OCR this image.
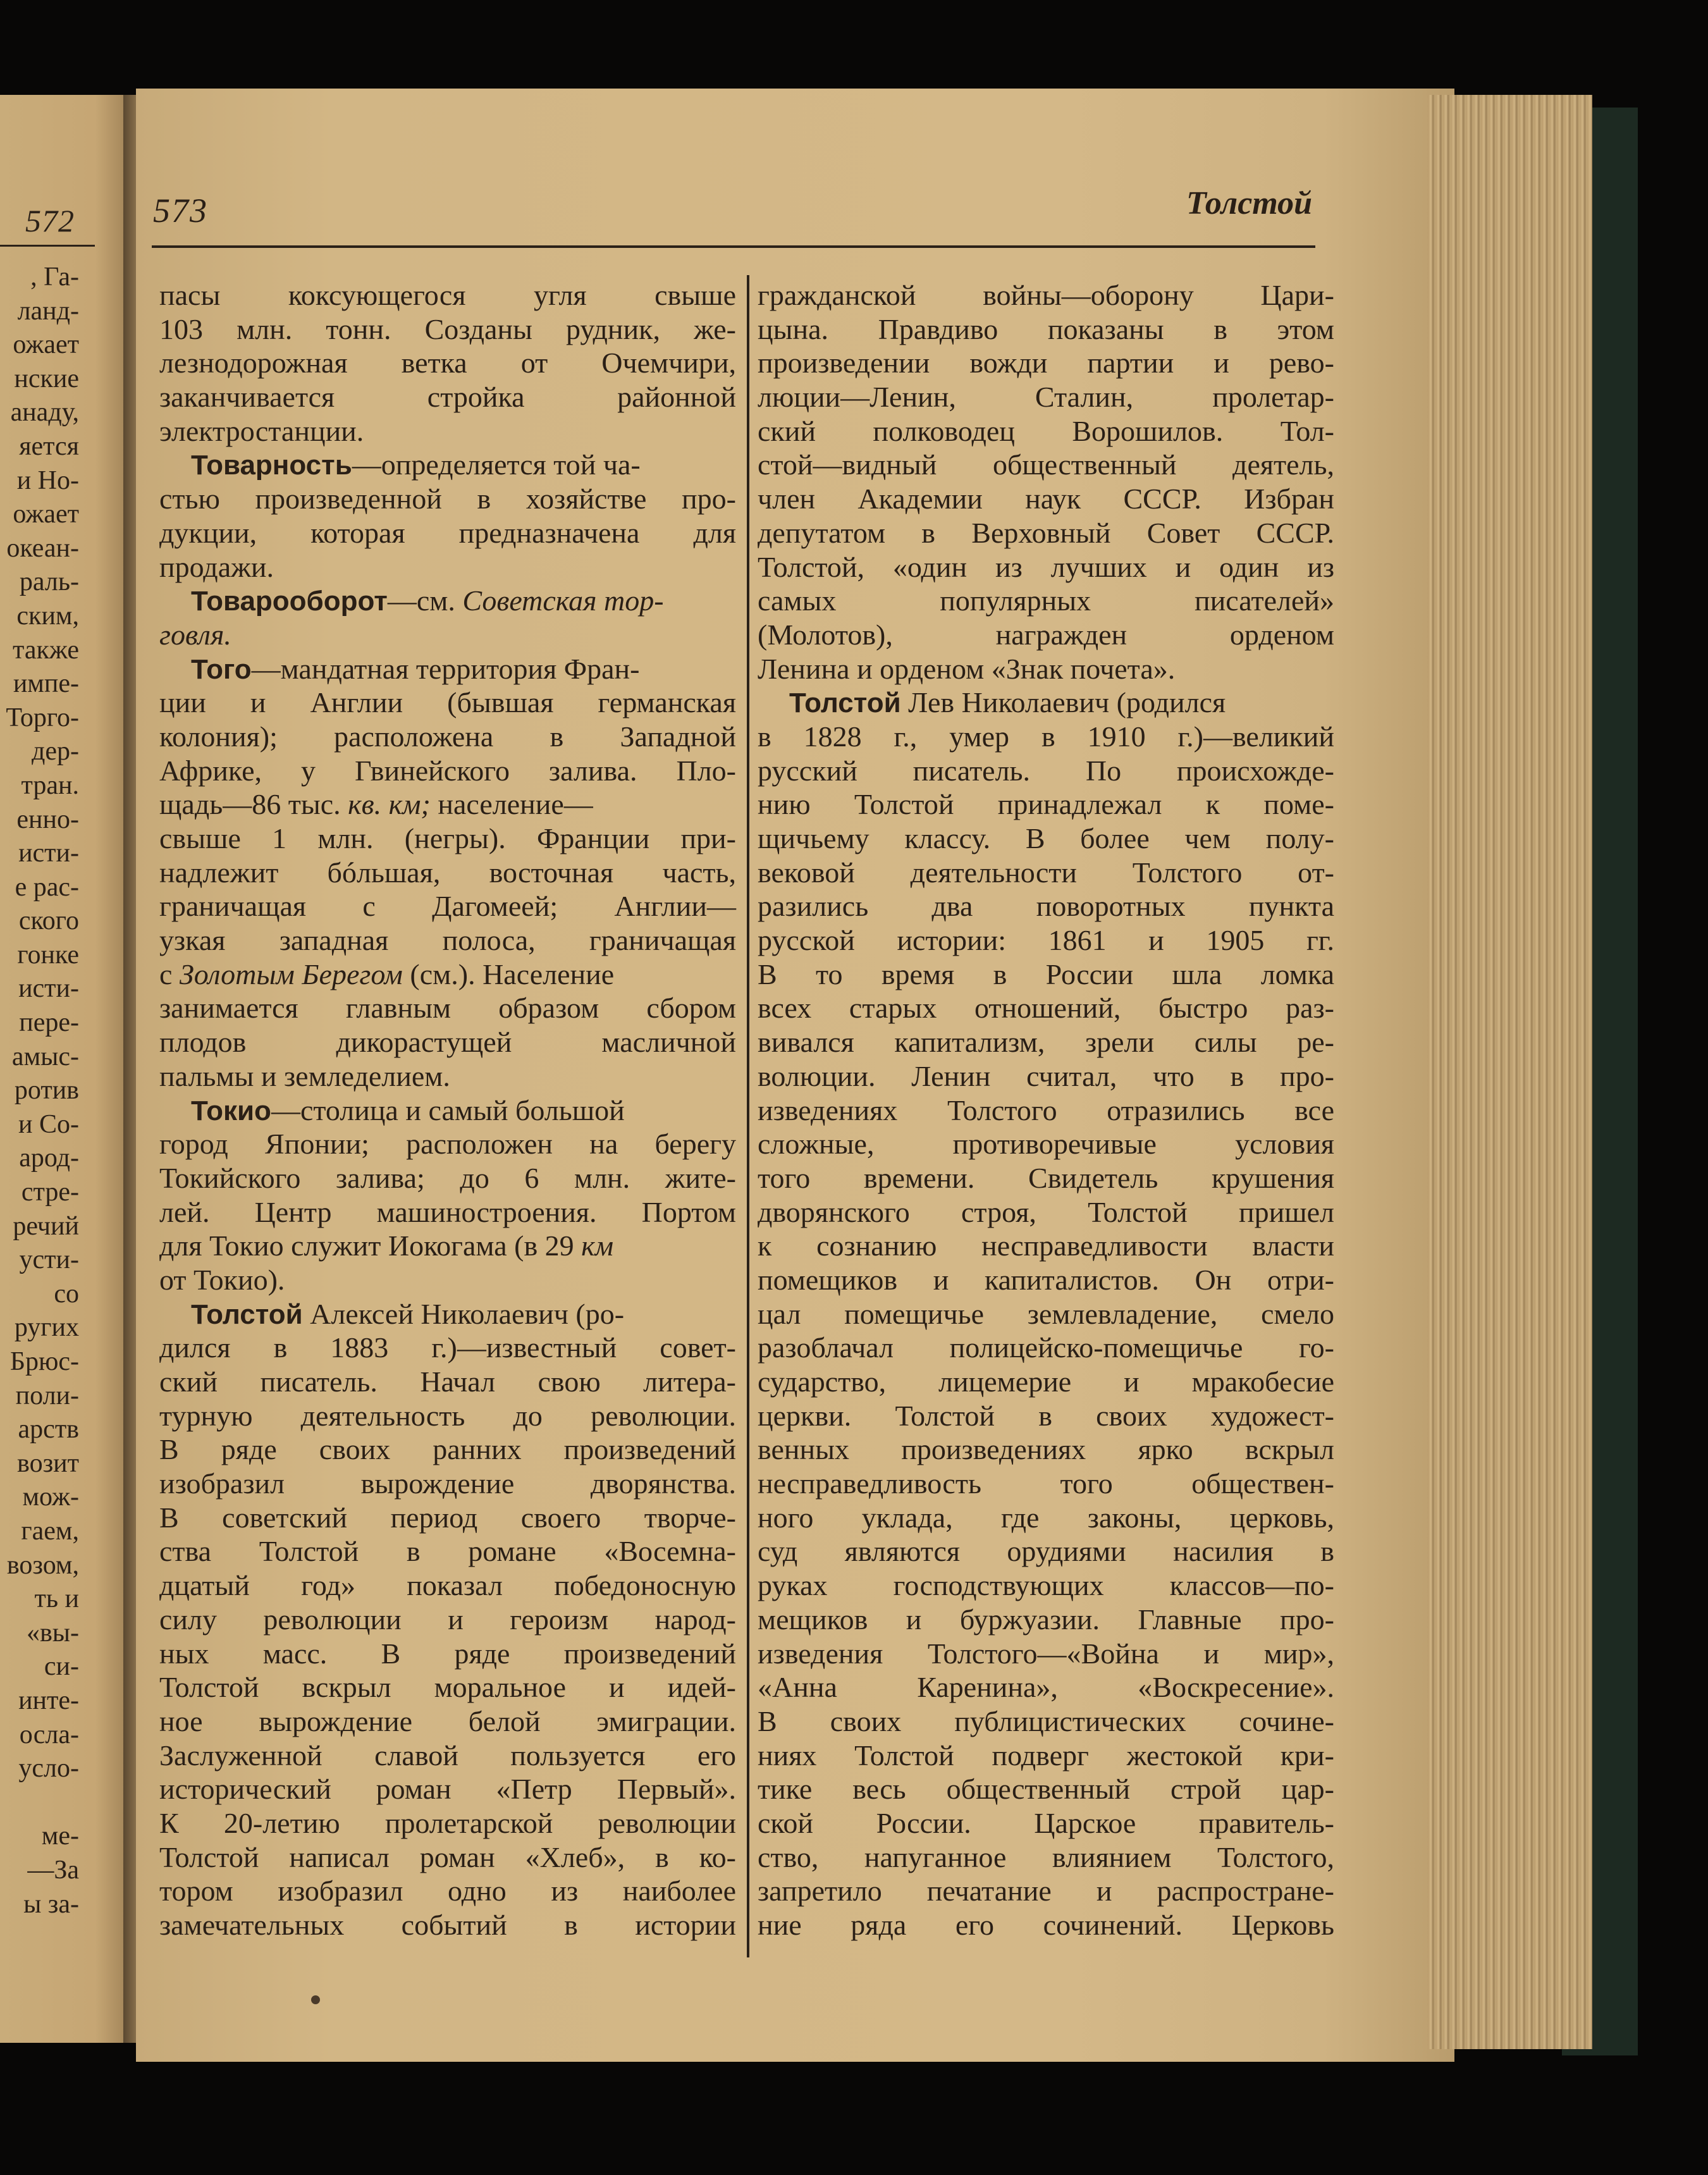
572
, Га-
ланд-
ожает
нские
анаду,
яется
и Но-
ожает
океан-
раль-
ским,
также
импе-
Торго-
дер-
тран.
енно-
исти-
е рас-
ского
гонке
исти-
пере-
амыс-
ротив
и Со-
арод-
стре-
речий
усти-
со
ругих
Брюс-
поли-
арств
возит
мож-
гаем,
возом,
ть и
«вы-
си-
инте-
осла-
усло-
ме-
—За
ы за-
573	Толстой
пасы коксующегося угля свыше
103 млн. тонн. Созданы рудник, же-
лезнодорожная ветка от Очемчири,
заканчивается стройка районной
электростанции.
Товарность—определяется той ча-
стью произведенной в хозяйстве про-
дукции, которая предназначена для
продажи.
Товарооборот—см. Советская тор-
говля.
Того—мандатная территория Фран-
ции и Англии (бывшая германская
колония); расположена в Западной
Африке, у Гвинейского залива. Пло-
щадь—86 тыс. кв. км; население—
свыше 1 млн. (негры). Франции при-
надлежит бóльшая, восточная часть,
граничащая с Дагомеей; Англии—
узкая западная полоса, граничащая
с Золотым Берегом (см.). Население
занимается главным образом сбором
плодов дикорастущей масличной
пальмы и земледелием.
Токио—столица и самый большой
город Японии; расположен на берегу
Токийского залива; до 6 млн. жите-
лей. Центр машиностроения. Портом
для Токио служит Иокогама (в 29 км
от Токио).
Толстой Алексей Николаевич (ро-
дился в 1883 г.)—известный совет-
ский писатель. Начал свою литера-
турную деятельность до революции.
В ряде своих ранних произведений
изобразил вырождение дворянства.
В советский период своего творче-
ства Толстой в романе «Восемна-
дцатый год» показал победоносную
силу революции и героизм народ-
ных масс. В ряде произведений
Толстой вскрыл моральное и идей-
ное вырождение белой эмиграции.
Заслуженной славой пользуется его
исторический роман «Петр Первый».
К 20-летию пролетарской революции
Толстой написал роман «Хлеб», в ко-
тором изобразил одно из наиболее
замечательных событий в истории
гражданской войны—оборону Цари-
цына. Правдиво показаны в этом
произведении вожди партии и рево-
люции—Ленин, Сталин, пролетар-
ский полководец Ворошилов. Тол-
стой—видный общественный деятель,
член Академии наук СССР. Избран
депутатом в Верховный Совет СССР.
Толстой, «один из лучших и один из
самых популярных писателей»
(Молотов), награжден орденом
Ленина и орденом «Знак почета».
Толстой Лев Николаевич (родился
в 1828 г., умер в 1910 г.)—великий
русский писатель. По происхожде-
нию Толстой принадлежал к поме-
щичьему классу. В более чем полу-
вековой деятельности Толстого от-
разились два поворотных пункта
русской истории: 1861 и 1905 гг.
В то время в России шла ломка
всех старых отношений, быстро раз-
вивался капитализм, зрели силы ре-
волюции. Ленин считал, что в про-
изведениях Толстого отразились все
сложные, противоречивые условия
того времени. Свидетель крушения
дворянского строя, Толстой пришел
к сознанию несправедливости власти
помещиков и капиталистов. Он отри-
цал помещичье землевладение, смело
разоблачал полицейско-помещичье го-
сударство, лицемерие и мракобесие
церкви. Толстой в своих художест-
венных произведениях ярко вскрыл
несправедливость того обществен-
ного уклада, где законы, церковь,
суд являются орудиями насилия в
руках господствующих классов—по-
мещиков и буржуазии. Главные про-
изведения Толстого—«Война и мир»,
«Анна Каренина», «Воскресение».
В своих публицистических сочине-
ниях Толстой подверг жестокой кри-
тике весь общественный строй цар-
ской России. Царское правитель-
ство, напуганное влиянием Толстого,
запретило печатание и распростране-
ние ряда его сочинений. Церковь
